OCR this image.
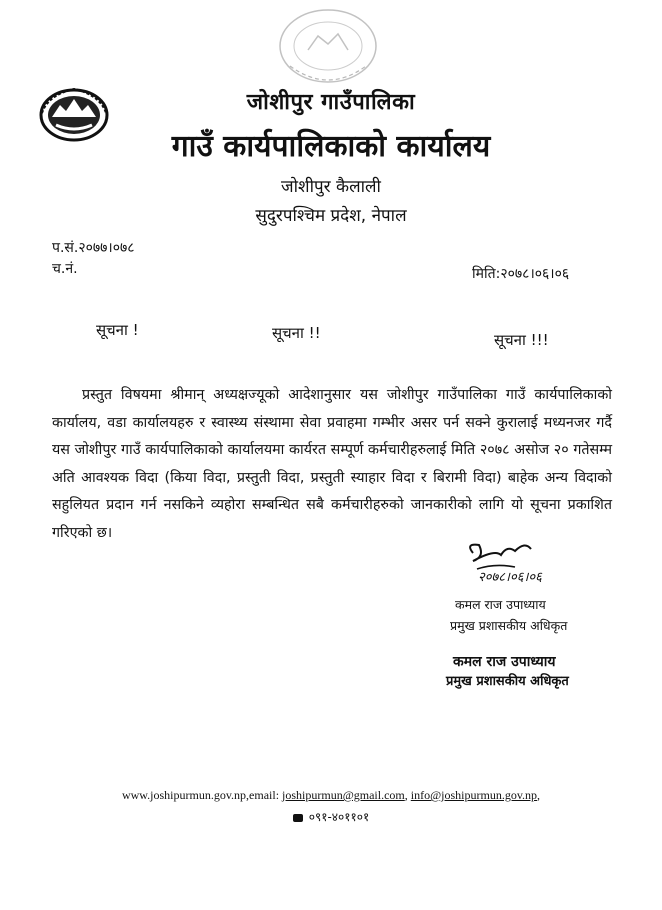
जोशीपुर गाउँपालिका
गाउँ कार्यपालिकाको कार्यालय
जोशीपुर कैलाली
सुदुरपश्चिम प्रदेश, नेपाल
प.सं.२०७७।०७८
च.नं.	मिति:२०७८।०६।०६
सूचना !	सूचना !!	सूचना !!!

प्रस्तुत विषयमा श्रीमान् अध्यक्षज्यूको आदेशानुसार यस जोशीपुर गाउँपालिका गाउँ कार्यपालिकाको कार्यालय, वडा कार्यालयहरु र स्वास्थ्य संस्थामा सेवा प्रवाहमा गम्भीर असर पर्न सक्ने कुरालाई मध्यनजर गर्दै यस जोशीपुर गाउँ कार्यपालिकाको कार्यालयमा कार्यरत सम्पूर्ण कर्मचारीहरुलाई मिति २०७८ असोज २० गतेसम्म अति आवश्यक विदा (किया विदा, प्रस्तुती विदा, प्रस्तुती स्याहार विदा र बिरामी विदा) बाहेक अन्य विदाको सहुलियत प्रदान गर्न नसकिने व्यहोरा सम्बन्धित सबै कर्मचारीहरुको जानकारीको लागि यो सूचना प्रकाशित गरिएको छ।

२०७८।०६।०६
कमल राज उपाध्याय
प्रमुख प्रशासकीय अधिकृत
कमल राज उपाध्याय
प्रमुख प्रशासकीय अधिकृत
www.joshipurmun.gov.np,email: joshipurmun@gmail.com, info@joshipurmun.gov.np,
०९१-४०११०१
